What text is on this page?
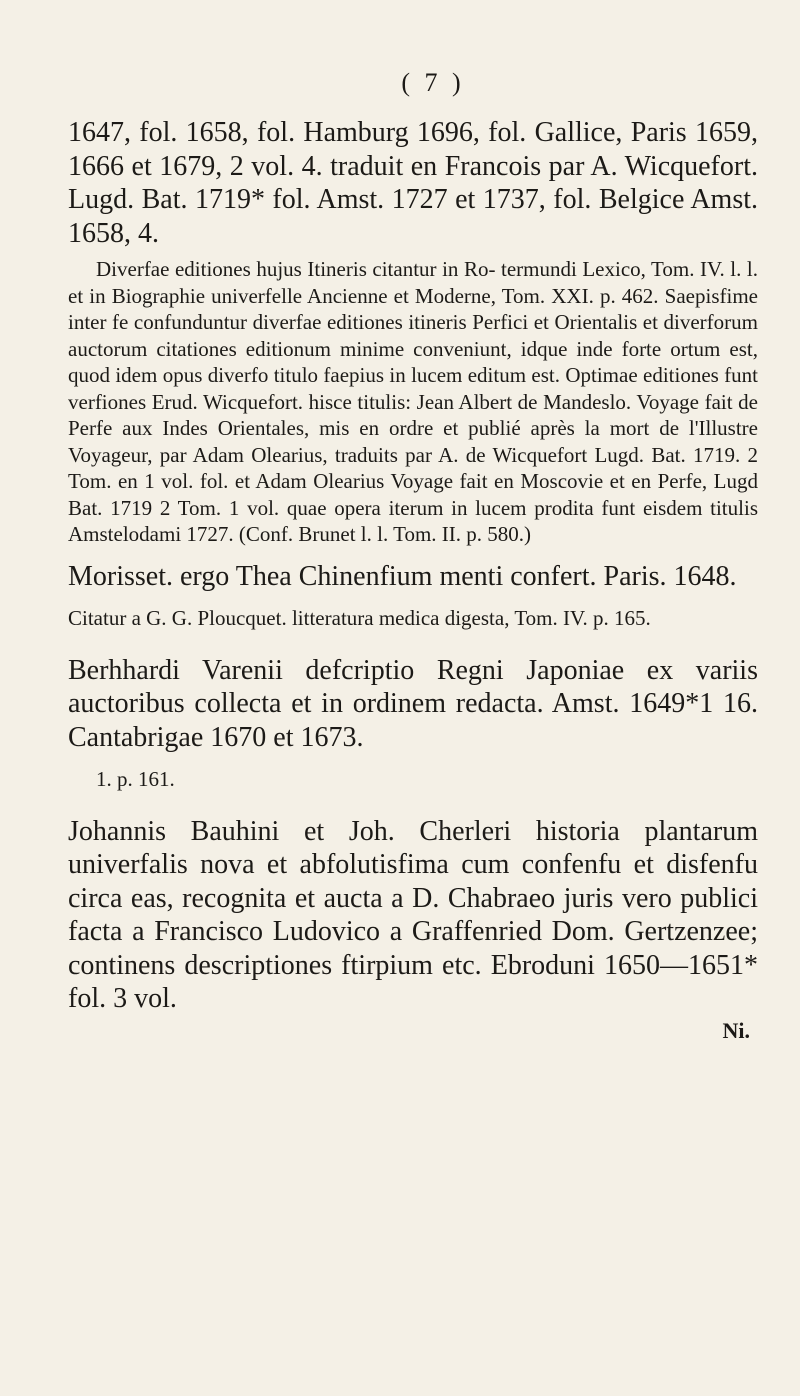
( 7 )

1647, fol. 1658, fol. Hamburg 1696, fol. Gallice, Paris 1659, 1666 et 1679, 2 vol. 4. traduit en Francois par A. Wicquefort. Lugd. Bat. 1719* fol. Amst. 1727 et 1737, fol. Belgice Amst. 1658, 4.

Diverfae editiones hujus Itineris citantur in Ro- termundi Lexico, Tom. IV. l. l. et in Biographie univerfelle Ancienne et Moderne, Tom. XXI. p. 462. Saepisfime inter fe confunduntur diverfae editiones itineris Perfici et Orientalis et diverforum auctorum citationes editionum minime conveniunt, idque inde forte ortum est, quod idem opus diverfo titulo faepius in lucem editum est. Optimae editiones funt verfiones Erud. Wicquefort. hisce titulis: Jean Albert de Mandeslo. Voyage fait de Perfe aux Indes Orientales, mis en ordre et publié après la mort de l'Illustre Voyageur, par Adam Olearius, traduits par A. de Wicquefort Lugd. Bat. 1719. 2 Tom. en 1 vol. fol. et Adam Olearius Voyage fait en Moscovie et en Perfe, Lugd Bat. 1719 2 Tom. 1 vol. quae opera iterum in lucem prodita funt eisdem titulis Amstelodami 1727. (Conf. Brunet l. l. Tom. II. p. 580.)

Morisset. ergo Thea Chinenfium menti confert. Paris. 1648.

Citatur a G. G. Ploucquet. litteratura medica digesta, Tom. IV. p. 165.

Berhhardi Varenii defcriptio Regni Japoniae ex variis auctoribus collecta et in ordinem redacta. Amst. 1649*1 16. Cantabrigae 1670 et 1673.

1. p. 161.

Johannis Bauhini et Joh. Cherleri historia plantarum univerfalis nova et abfolutisfima cum confenfu et disfenfu circa eas, recognita et aucta a D. Chabraeo juris vero publici facta a Francisco Ludovico a Graffenried Dom. Gertzenzee; continens descriptiones ftirpium etc. Ebroduni 1650—1651* fol. 3 vol.

Ni.
